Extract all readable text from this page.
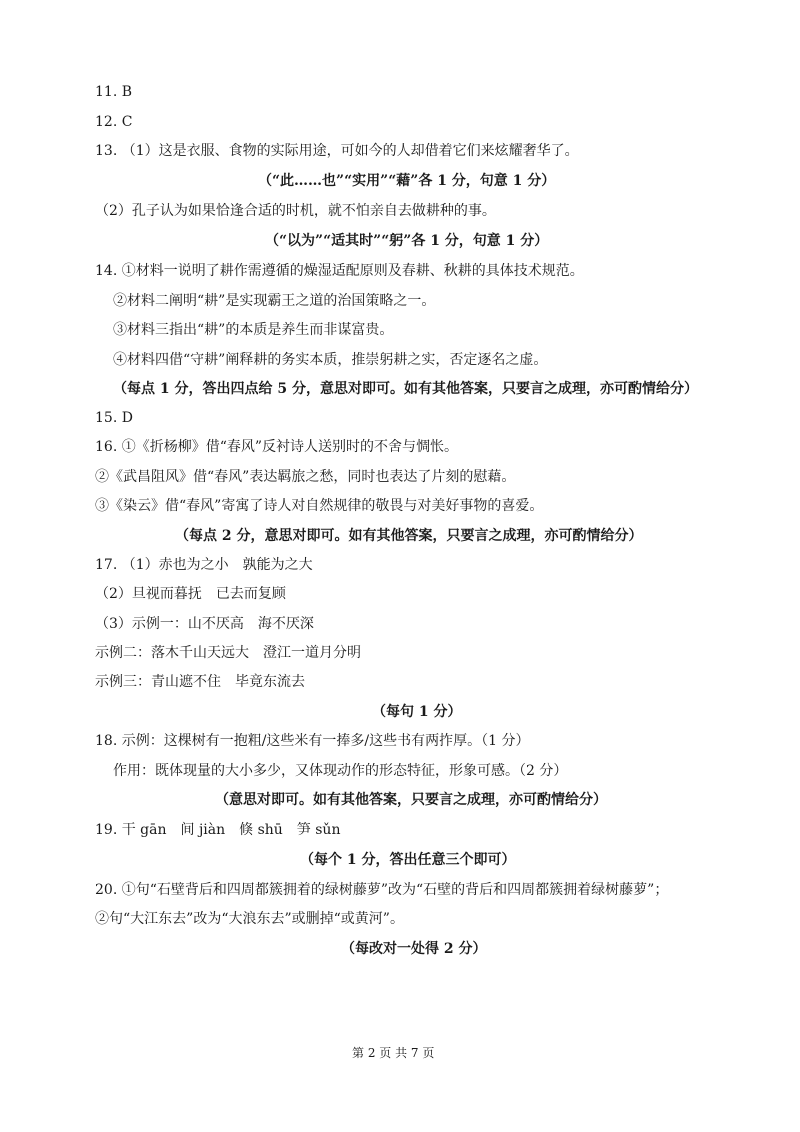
11. B

12. C

13. （1）这是衣服、食物的实际用途，可如今的人却借着它们来炫耀奢华了。

（“此……也”“实用”“藉”各 1 分，句意 1 分）

（2）孔子认为如果恰逢合适的时机，就不怕亲自去做耕种的事。

（“以为”“适其时”“躬”各 1 分，句意 1 分）

14. ①材料一说明了耕作需遵循的燥湿适配原则及春耕、秋耕的具体技术规范。

②材料二阐明“耕”是实现霸王之道的治国策略之一。

③材料三指出“耕”的本质是养生而非谋富贵。

④材料四借“守耕”阐释耕的务实本质，推崇躬耕之实，否定逐名之虚。

（每点 1 分，答出四点给 5 分，意思对即可。如有其他答案，只要言之成理，亦可酌情给分）

15. D

16. ①《折杨柳》借“春风”反衬诗人送别时的不舍与惆怅。

②《武昌阻风》借“春风”表达羁旅之愁，同时也表达了片刻的慰藉。

③《染云》借“春风”寄寓了诗人对自然规律的敬畏与对美好事物的喜爱。

（每点 2 分，意思对即可。如有其他答案，只要言之成理，亦可酌情给分）

17. （1）赤也为之小　孰能为之大

（2）旦视而暮抚　已去而复顾

（3）示例一：山不厌高　海不厌深

示例二：落木千山天远大　澄江一道月分明

示例三：青山遮不住　毕竟东流去

（每句 1 分）

18. 示例：这棵树有一抱粗/这些米有一捧多/这些书有两拃厚。（1 分）

作用：既体现量的大小多少，又体现动作的形态特征，形象可感。（2 分）

（意思对即可。如有其他答案，只要言之成理，亦可酌情给分）

19. 干 gān　间 jiàn　倏 shū　笋 sǔn

（每个 1 分，答出任意三个即可）

20. ①句“石壁背后和四周都簇拥着的绿树藤萝”改为“石壁的背后和四周都簇拥着绿树藤萝”；

②句“大江东去”改为“大浪东去”或删掉“或黄河”。

（每改对一处得 2 分）

第 2 页 共 7 页
